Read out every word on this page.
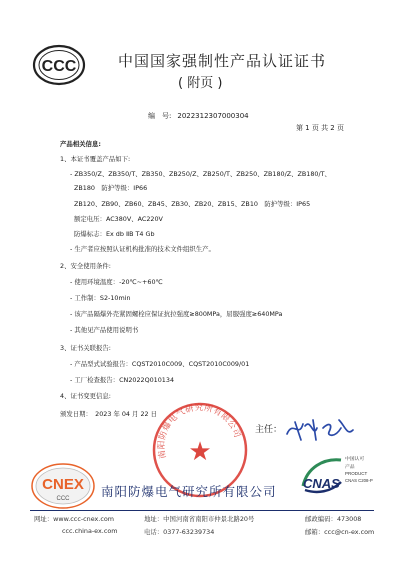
CCC	中国国家强制性产品认证证书
( 附页 )
编　号: 2022312307000304
第 1 页 共 2 页
产品相关信息:
1、本证书覆盖产品如下:
- ZB350/Z、ZB350/T、ZB350、ZB250/Z、ZB250/T、ZB250、ZB180/Z、ZB180/T、
ZB180　防护等级：IP66
ZB120、ZB90、ZB60、ZB45、ZB30、ZB20、ZB15、ZB10　防护等级：IP65
额定电压：AC380V、AC220V
防爆标志：Ex db ⅡB T4 Gb
- 生产者应按照认证机构批准的技术文件组织生产。
2、安全使用条件:
- 使用环境温度：-20℃~+60℃
- 工作制：S2-10min
- 该产品隔爆外壳紧固螺栓应保证抗拉强度≥800MPa，屈服强度≥640MPa
- 其他见产品使用说明书
3、证书关联报告:
- 产品型式试验报告：CQST2010C009、CQST2010C009/01
- 工厂检查报告：CN2022Q010134
4、证书变更信息:
颁发日期：　2023 年 04 月 22 日
南阳防爆电气研究所有限公司
★
主任：
CNEX
CCC	南阳防爆电气研究所有限公司
CNAS
中国认可
产品
PRODUCT
CNAS C208-P
网址：www.ccc-cnex.com
ccc.china-ex.com
地址：中国河南省南阳市仲景北路20号
电话：0377-63239734
邮政编码：473008
邮箱：ccc@cn-ex.com
